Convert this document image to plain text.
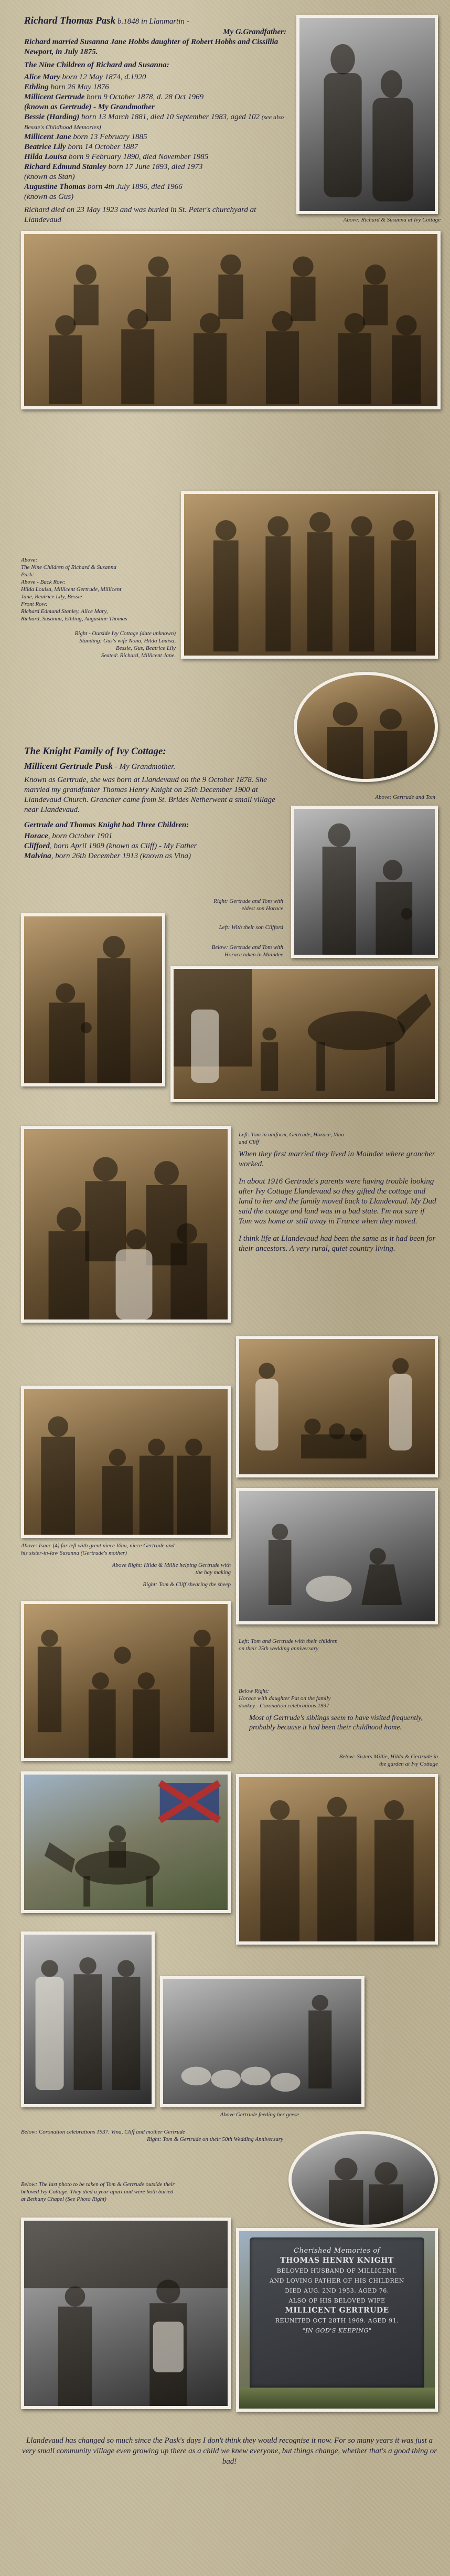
Richard Thomas Pask b.1848 in Llanmartin -

My G.Grandfather:

Richard married Susanna Jane Hobbs daughter of Robert Hobbs and Cissillia Newport, in July 1875.

The Nine Children of Richard and Susanna:

Alice Mary born 12 May 1874, d.1920

Ethling born 26 May 1876

Millicent Gertrude born 9 October 1878, d. 28 Oct 1969
(known as Gertrude) - My Grandmother

Bessie (Harding) born 13 March 1881, died 10 September 1983, aged 102 (see also Bessie's Childhood Memories)

Millicent Jane born 13 February 1885

Beatrice Lily born 14 October 1887

Hilda Louisa born 9 February 1890, died November 1985

Richard Edmund Stanley born 17 June 1893, died 1973
(known as Stan)

Augustine Thomas born 4th July 1896, died 1966
(known as Gus)

Richard died on 23 May 1923 and was buried in St. Peter's churchyard at Llandevaud	Above: Richard & Susanna at Ivy Cottage
Above:
The Nine Children of Richard & Susanna
Pask:
Above - Back Row:
Hilda Louisa, Millicent Gertrude, Millicent
Jane, Beatrice Lily, Bessie
Front Row:
Richard Edmund Stanley, Alice Mary,
Richard, Susanna, Ethling, Augustine Thomas
Right - Outside Ivy Cottage (date unknown)
Standing: Gus's wife Nona, Hilda Louisa,
Bessie, Gus, Beatrice Lily
Seated: Richard, Millicent Jane.

The Knight Family of Ivy Cottage:

Millicent Gertrude Pask - My Grandmother.

Known as Gertrude, she was born at Llandevaud on the 9 October 1878. She married my grandfather Thomas Henry Knight on 25th December 1900 at Llandevaud Church. Grancher came from St. Brides Netherwent a small village near Llandevaud.

Gertrude and Thomas Knight had Three Children:

Horace, born October 1901

Clifford, born April 1909 (known as Cliff) - My Father

Malvina, born 26th December 1913 (known as Vina)

Above: Gertrude and Tom
Right: Gertrude and Tom with
eldest son Horace
Left: With their son Clifford
Below: Gertrude and Tom with
Horace taken in Maindee
Left: Tom in uniform, Gertrude, Horace, Vina
and Cliff

When they first married they lived in Maindee where grancher worked.

In about 1916 Gertrude's parents were having trouble looking after Ivy Cottage Llandevaud so they gifted the cottage and land to her and the family moved back to Llandevaud. My Dad said the cottage and land was in a bad state. I'm not sure if Tom was home or still away in France when they moved.

I think life at Llandevaud had been the same as it had been for their ancestors. A very rural, quiet country living.

Above: Isaac (4) far left with great niece Vina, niece Gertrude and
his sister-in-law Susanna (Gertrude's mother)
Above Right: Hilda & Millie helping Gertrude with
the hay making
Right: Tom & Cliff shearing the sheep
Left: Tom and Gertrude with their children
on their 25th wedding anniversary
Below Right:
Horace with daughter Pat on the family
donkey - Coronation celebrations 1937
Most of Gertrude's siblings seem to have visited frequently, probably because it had been their childhood home.
Below: Sisters Millie, Hilda & Gertrude in
the garden at Ivy Cottage
Above Gertrude feeding her geese
Below: Coronation celebrations 1937. Vina, Cliff and mother Gertrude
Right: Tom & Gertrude on their 50th Wedding Anniversary
Below: The last photo to be taken of Tom & Gertrude outside their
beloved Ivy Cottage. They died a year apart and were both buried
at Bethany Chapel (See Photo Right)
Cherished Memories of
THOMAS HENRY KNIGHT
BELOVED HUSBAND OF MILLICENT,
AND LOVING FATHER OF HIS CHILDREN
DIED AUG. 2ND 1953. AGED 76.
ALSO OF HIS BELOVED WIFE
MILLICENT GERTRUDE
REUNITED OCT 28TH 1969. AGED 91.
"IN GOD'S KEEPING"
Llandevaud has changed so much since the Pask's days I don't think they would recognise it now. For so many years it was just a very small community village even growing up there as a child we knew everyone, but things change, whether that's a good thing or bad!
